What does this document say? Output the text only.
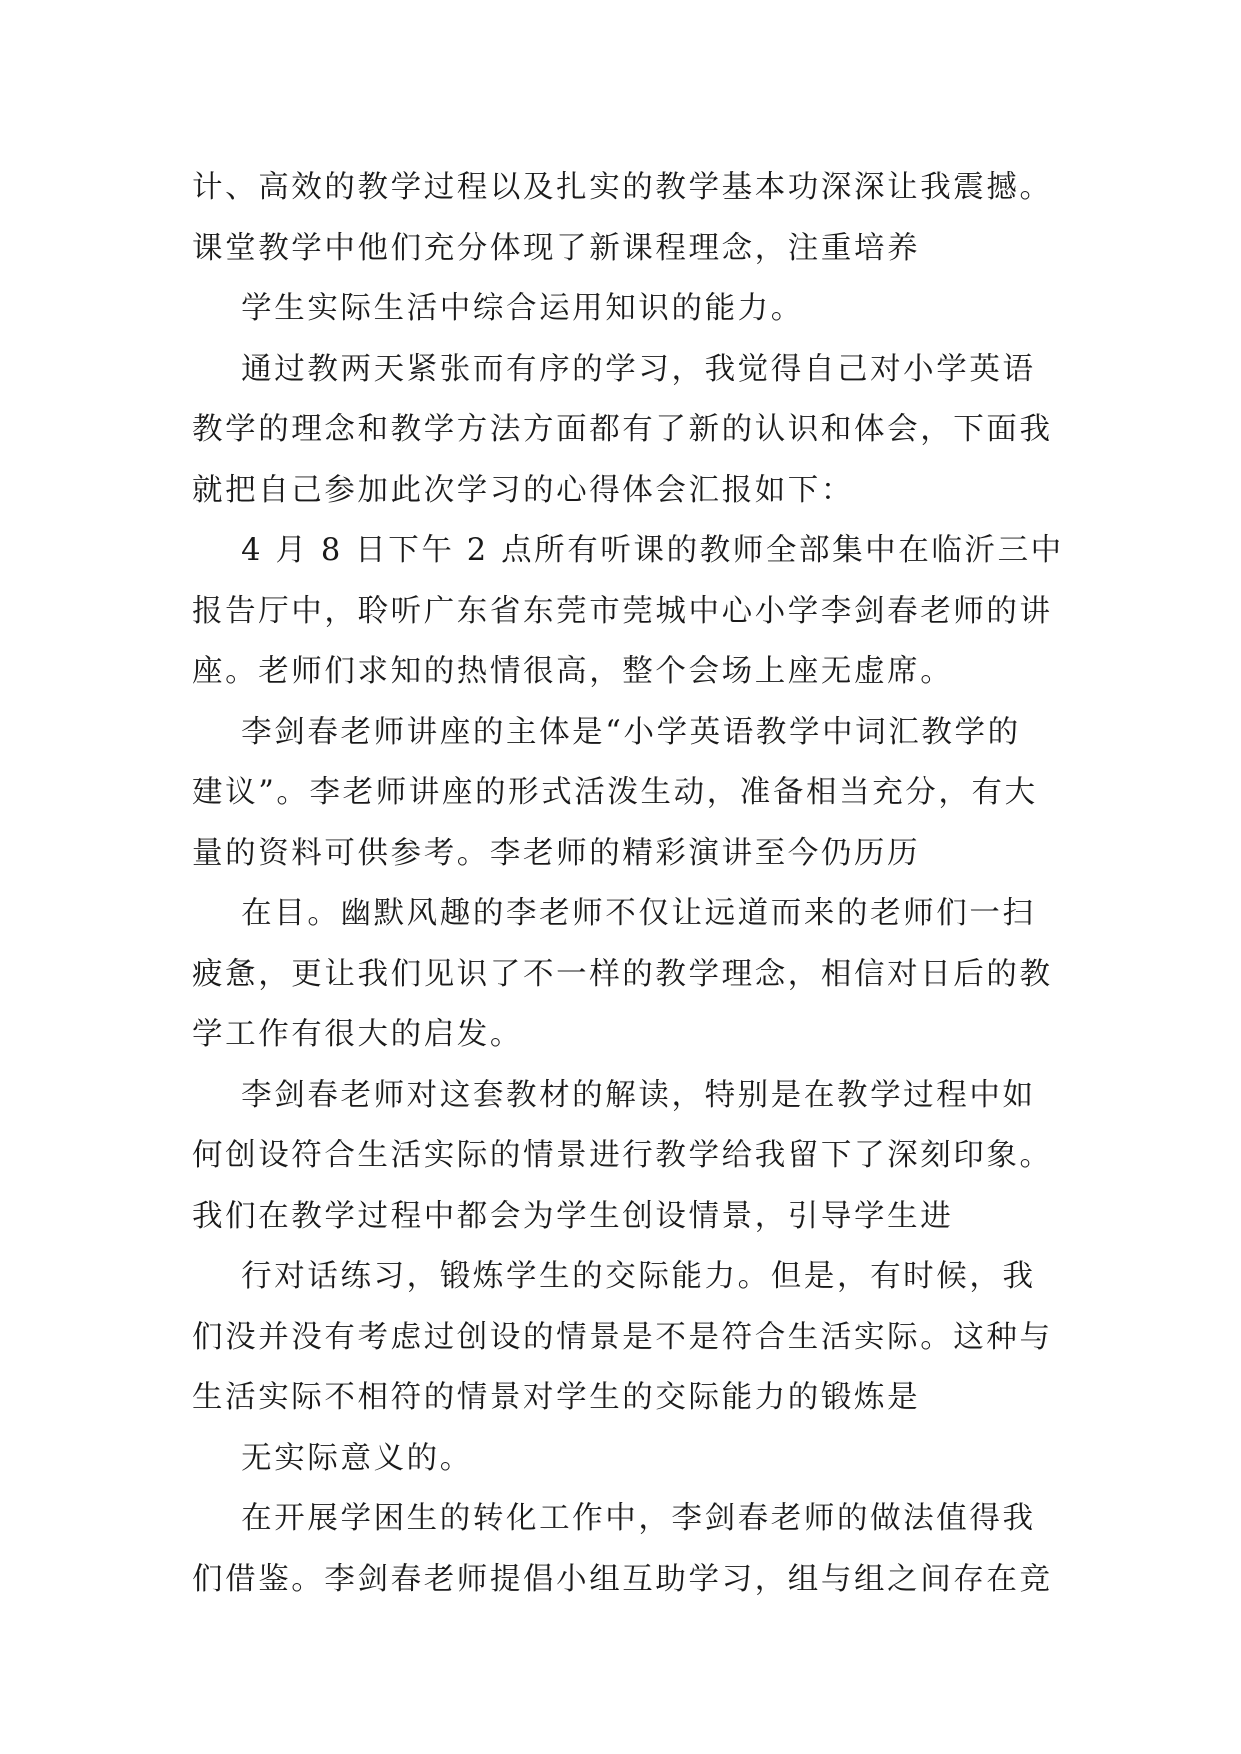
计、高效的教学过程以及扎实的教学基本功深深让我震撼。

课堂教学中他们充分体现了新课程理念，注重培养

学生实际生活中综合运用知识的能力。

通过教两天紧张而有序的学习，我觉得自己对小学英语

教学的理念和教学方法方面都有了新的认识和体会，下面我

就把自己参加此次学习的心得体会汇报如下：

4 月 8 日下午 2 点所有听课的教师全部集中在临沂三中

报告厅中，聆听广东省东莞市莞城中心小学李剑春老师的讲

座。老师们求知的热情很高，整个会场上座无虚席。

李剑春老师讲座的主体是“小学英语教学中词汇教学的

建议”。李老师讲座的形式活泼生动，准备相当充分，有大

量的资料可供参考。李老师的精彩演讲至今仍历历

在目。幽默风趣的李老师不仅让远道而来的老师们一扫

疲惫，更让我们见识了不一样的教学理念，相信对日后的教

学工作有很大的启发。

李剑春老师对这套教材的解读，特别是在教学过程中如

何创设符合生活实际的情景进行教学给我留下了深刻印象。

我们在教学过程中都会为学生创设情景，引导学生进

行对话练习，锻炼学生的交际能力。但是，有时候，我

们没并没有考虑过创设的情景是不是符合生活实际。这种与

生活实际不相符的情景对学生的交际能力的锻炼是

无实际意义的。

在开展学困生的转化工作中，李剑春老师的做法值得我

们借鉴。李剑春老师提倡小组互助学习，组与组之间存在竞
